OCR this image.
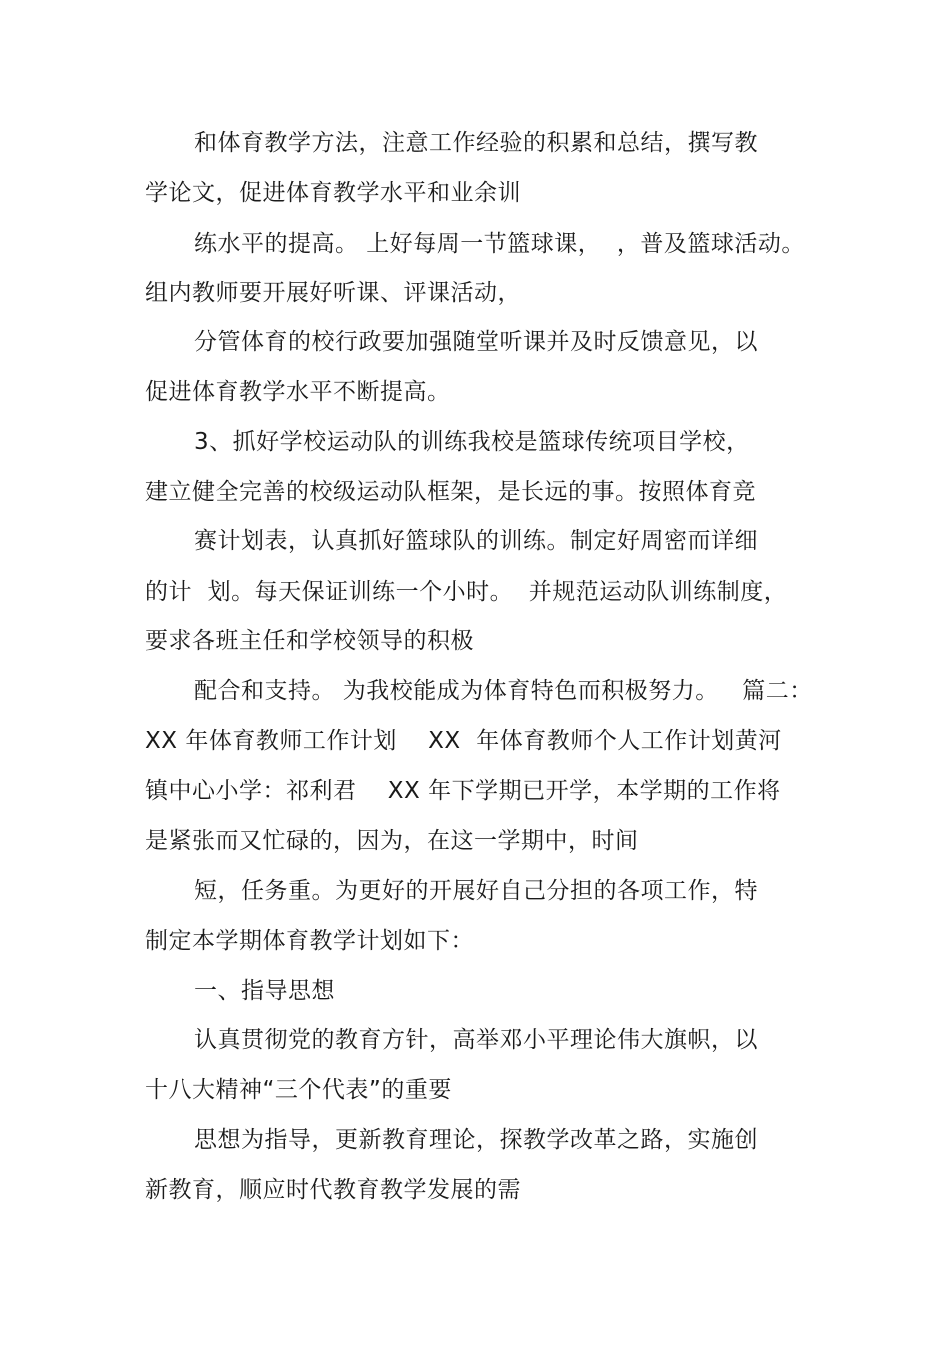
和体育教学方法，注意工作经验的积累和总结，撰写教
学论文，促进体育教学水平和业余训
练水平的提高。 上好每周一节篮球课，  ，普及篮球活动。
组内教师要开展好听课、评课活动，
分管体育的校行政要加强随堂听课并及时反馈意见，以
促进体育教学水平不断提高。
3、抓好学校运动队的训练我校是篮球传统项目学校，
建立健全完善的校级运动队框架，是长远的事。按照体育竞
赛计划表，认真抓好篮球队的训练。制定好周密而详细
的计  划。每天保证训练一个小时。  并规范运动队训练制度，
要求各班主任和学校领导的积极
配合和支持。 为我校能成为体育特色而积极努力。   篇二：
XX 年体育教师工作计划    XX  年体育教师个人工作计划黄河
镇中心小学：祁利君    XX 年下学期已开学，本学期的工作将
是紧张而又忙碌的，因为，在这一学期中，时间
短，任务重。为更好的开展好自己分担的各项工作，特
制定本学期体育教学计划如下：
一、指导思想
认真贯彻党的教育方针，高举邓小平理论伟大旗帜，以
十八大精神“三个代表”的重要
思想为指导，更新教育理论，探教学改革之路，实施创
新教育，顺应时代教育教学发展的需
